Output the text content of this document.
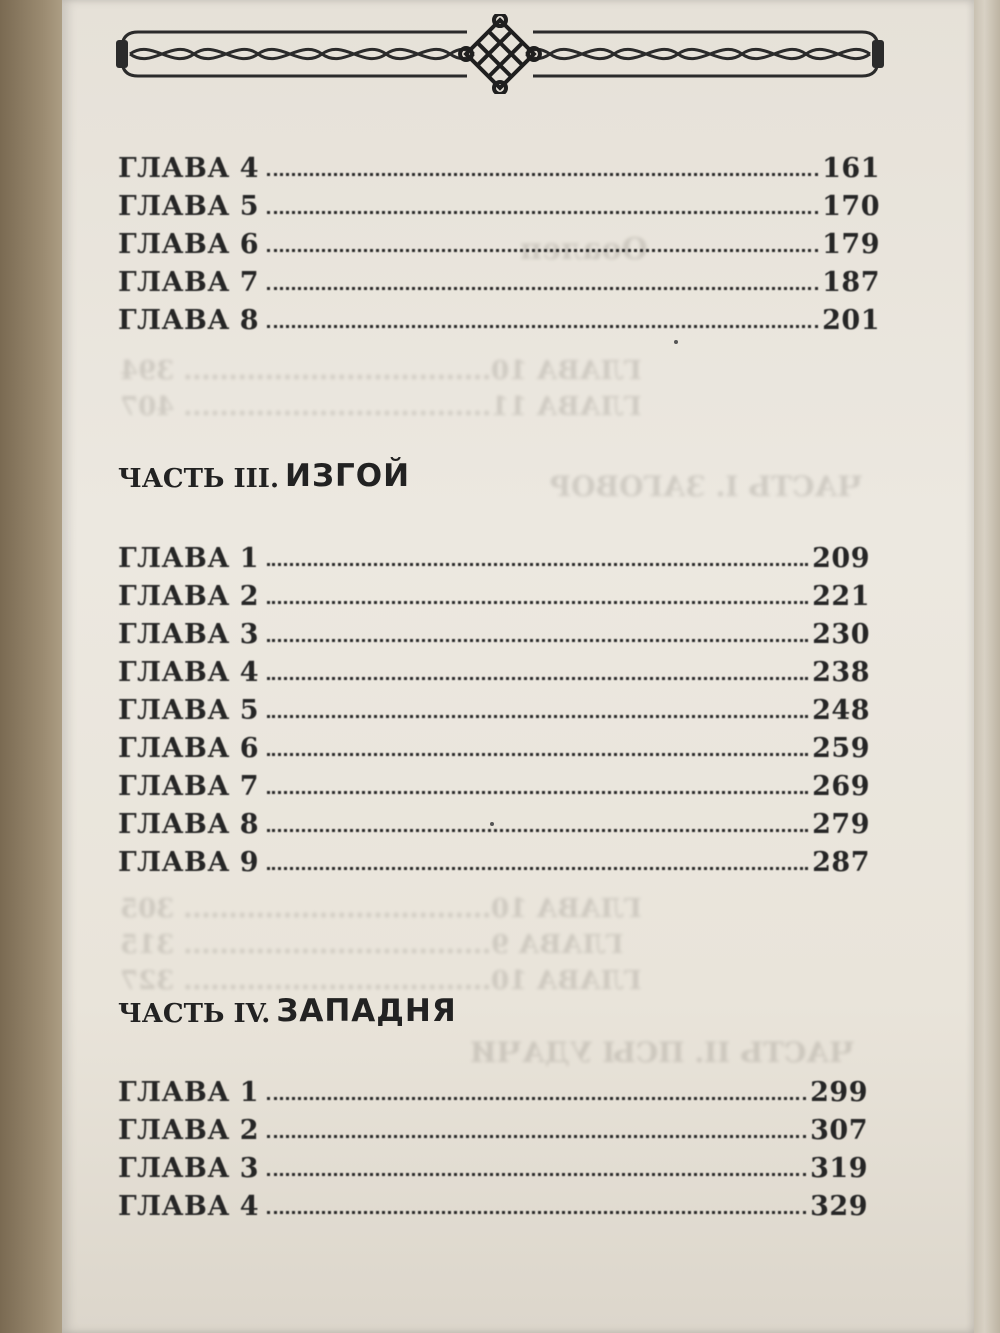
Ооалеп
ГЛАВА 10.................................. 394
ГЛАВА 11.................................. 407
ЧАСТЬ I. ЗАГОВОР
ГЛАВА 10.................................. 305
ГЛАВА 9.................................. 315
ГЛАВА 10.................................. 327
ЧАСТЬ II. ПСЫ УДАЧИ
ГЛАВА 4	161
ГЛАВА 5	170
ГЛАВА 6	179
ГЛАВА 7	187
ГЛАВА 8	201
ЧАСТЬ III. ИЗГОЙ
ГЛАВА 1	209
ГЛАВА 2	221
ГЛАВА 3	230
ГЛАВА 4	238
ГЛАВА 5	248
ГЛАВА 6	259
ГЛАВА 7	269
ГЛАВА 8	279
ГЛАВА 9	287
ЧАСТЬ IV. ЗАПАДНЯ
ГЛАВА 1	299
ГЛАВА 2	307
ГЛАВА 3	319
ГЛАВА 4	329
